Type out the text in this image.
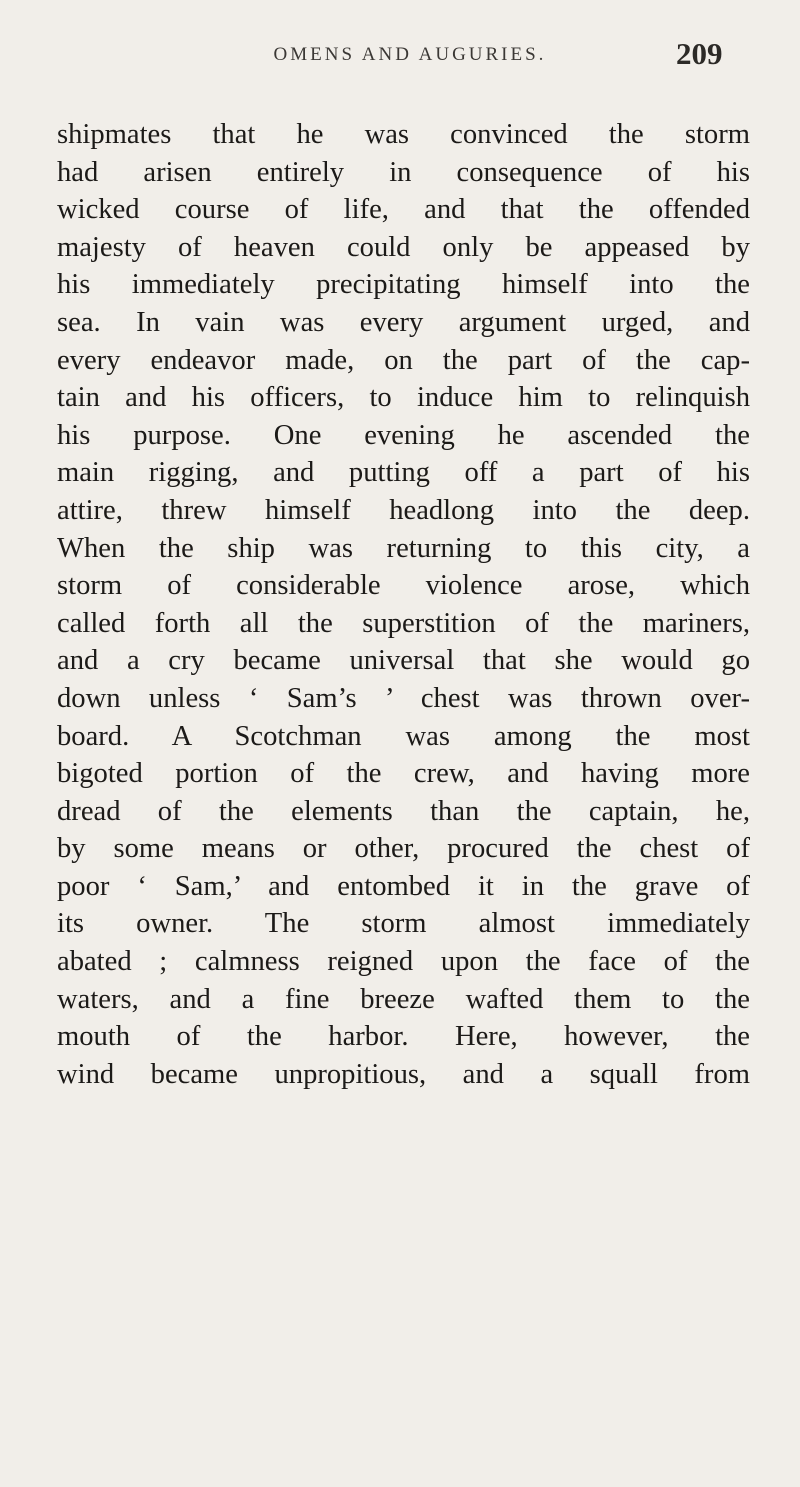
OMENS AND AUGURIES.	209
shipmates that he was convinced the storm
had arisen entirely in consequence of his
wicked course of life, and that the offended
majesty of heaven could only be appeased by
his immediately precipitating himself into the
sea. In vain was every argument urged, and
every endeavor made, on the part of the cap-
tain and his officers, to induce him to relinquish
his purpose. One evening he ascended the
main rigging, and putting off a part of his
attire, threw himself headlong into the deep.
When the ship was returning to this city, a
storm of considerable violence arose, which
called forth all the superstition of the mariners,
and a cry became universal that she would go
down unless ‘ Sam’s ’ chest was thrown over-
board. A Scotchman was among the most
bigoted portion of the crew, and having more
dread of the elements than the captain, he,
by some means or other, procured the chest of
poor ‘ Sam,’ and entombed it in the grave of
its owner. The storm almost immediately
abated ; calmness reigned upon the face of the
waters, and a fine breeze wafted them to the
mouth of the harbor. Here, however, the
wind became unpropitious, and a squall from
